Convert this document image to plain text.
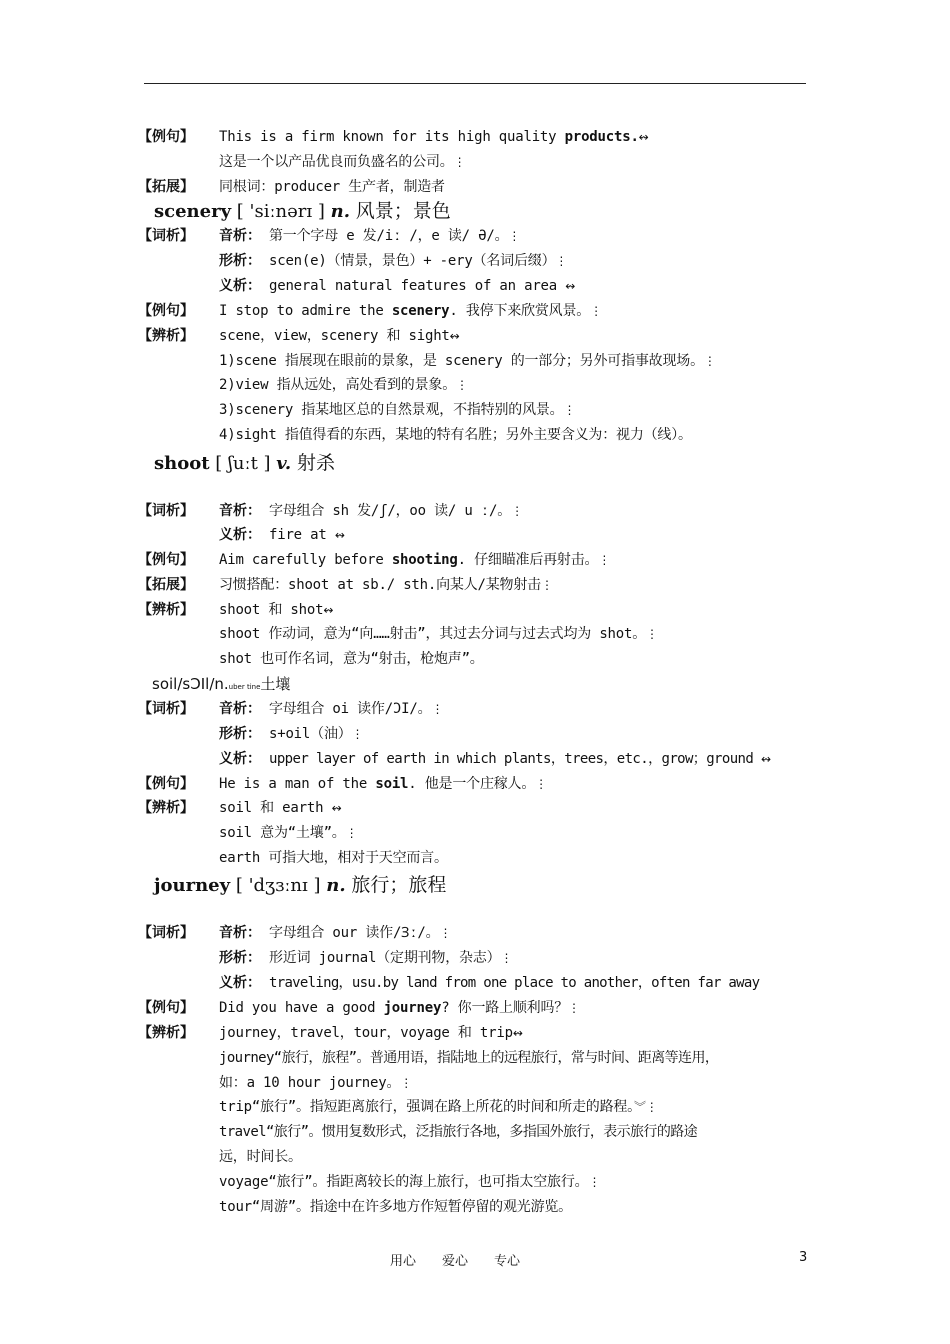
【例句】 This is a firm known for its high quality products.↭
这是一个以产品优良而负盛名的公司。⋮
【拓展】 同根词：producer 生产者，制造者
scenery [ 'siːnərɪ ] n. 风景；景色
【词析】 音析： 第一个字母 e 发/iː /，e 读/ Ə/。⋮
形析： scen(e)（情景，景色）+ -ery（名词后缀）⋮
义析： general natural features of an area ↭
【例句】 I stop to admire the scenery. 我停下来欣赏风景。⋮
【辨析】 scene，view，scenery 和 sight↭
1)scene 指展现在眼前的景象，是 scenery 的一部分；另外可指事故现场。⋮
2)view 指从远处，高处看到的景象。⋮
3)scenery 指某地区总的自然景观，不指特别的风景。⋮
4)sight 指值得看的东西，某地的特有名胜；另外主要含义为：视力（线）。
shoot [ ʃuːt ] v. 射杀
【词析】 音析： 字母组合 sh 发/ʃ/，oo 读/ u ː/。⋮
义析： fire at ↭
【例句】 Aim carefully before shooting. 仔细瞄准后再射击。⋮
【拓展】 习惯搭配：shoot at sb./ sth.向某人/某物射击⋮
【辨析】 shoot 和 shot↭
shoot 作动词，意为“向……射击”，其过去分词与过去式均为 shot。⋮
shot 也可作名词，意为“射击，枪炮声”。
soil/sƆIl/n.uber tine土壤
【词析】 音析： 字母组合 oi 读作/ƆI/。⋮
形析： s+oil（油）⋮
义析： upper layer of earth in which plants，trees，etc.，grow；ground ↭
【例句】 He is a man of the soil. 他是一个庄稼人。⋮
【辨析】 soil 和 earth ↭
soil 意为“土壤”。⋮
earth 可指大地，相对于天空而言。
journey [ 'dʒɜːnɪ ] n. 旅行；旅程
【词析】 音析： 字母组合 our 读作/Ɜː/。⋮
形析： 形近词 journal（定期刊物，杂志）⋮
义析： traveling，usu.by land from one place to another，often far away
【例句】 Did you have a good journey? 你一路上顺利吗？⋮
【辨析】 journey，travel，tour，voyage 和 trip↭
journey“旅行，旅程”。普通用语，指陆地上的远程旅行，常与时间、距离等连用，
如：a 10 hour journey。⋮
trip“旅行”。指短距离旅行，强调在路上所花的时间和所走的路程。︾⋮
travel“旅行”。惯用复数形式，泛指旅行各地，多指国外旅行，表示旅行的路途
远，时间长。
voyage“旅行”。指距离较长的海上旅行，也可指太空旅行。⋮
tour“周游”。指途中在许多地方作短暂停留的观光游览。
用心　　爱心　　专心	3
